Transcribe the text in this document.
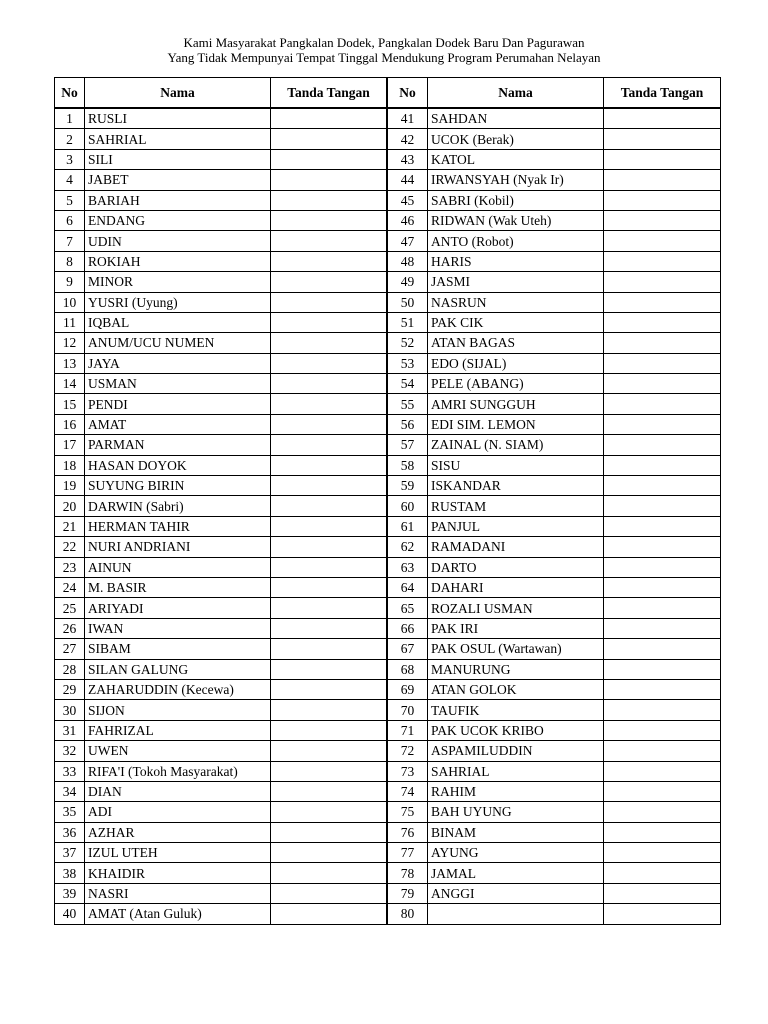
Kami Masyarakat Pangkalan Dodek, Pangkalan Dodek Baru Dan Pagurawan
Yang Tidak Mempunyai Tempat Tinggal Mendukung Program Perumahan Nelayan
No	Nama	Tanda Tangan
1	RUSLI	
2	SAHRIAL	
3	SILI	
4	JABET	
5	BARIAH	
6	ENDANG	
7	UDIN	
8	ROKIAH	
9	MINOR	
10	YUSRI (Uyung)	
11	IQBAL	
12	ANUM/UCU NUMEN	
13	JAYA	
14	USMAN	
15	PENDI	
16	AMAT	
17	PARMAN	
18	HASAN DOYOK	
19	SUYUNG BIRIN	
20	DARWIN (Sabri)	
21	HERMAN TAHIR	
22	NURI ANDRIANI	
23	AINUN	
24	M. BASIR	
25	ARIYADI	
26	IWAN	
27	SIBAM	
28	SILAN GALUNG	
29	ZAHARUDDIN (Kecewa)	
30	SIJON	
31	FAHRIZAL	
32	UWEN	
33	RIFA'I (Tokoh Masyarakat)	
34	DIAN	
35	ADI	
36	AZHAR	
37	IZUL UTEH	
38	KHAIDIR	
39	NASRI	
40	AMAT (Atan Guluk)	
No	Nama	Tanda Tangan
41	SAHDAN	
42	UCOK (Berak)	
43	KATOL	
44	IRWANSYAH (Nyak Ir)	
45	SABRI (Kobil)	
46	RIDWAN (Wak Uteh)	
47	ANTO (Robot)	
48	HARIS	
49	JASMI	
50	NASRUN	
51	PAK CIK	
52	ATAN BAGAS	
53	EDO (SIJAL)	
54	PELE (ABANG)	
55	AMRI SUNGGUH	
56	EDI SIM. LEMON	
57	ZAINAL (N. SIAM)	
58	SISU	
59	ISKANDAR	
60	RUSTAM	
61	PANJUL	
62	RAMADANI	
63	DARTO	
64	DAHARI	
65	ROZALI USMAN	
66	PAK IRI	
67	PAK OSUL (Wartawan)	
68	MANURUNG	
69	ATAN GOLOK	
70	TAUFIK	
71	PAK UCOK KRIBO	
72	ASPAMILUDDIN	
73	SAHRIAL	
74	RAHIM	
75	BAH UYUNG	
76	BINAM	
77	AYUNG	
78	JAMAL	
79	ANGGI	
80		
